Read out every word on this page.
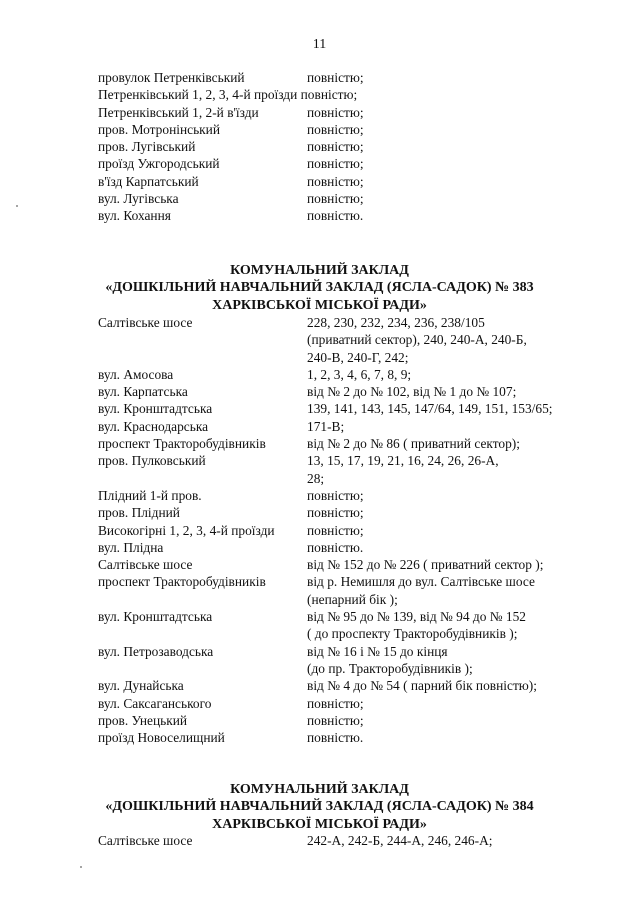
11
провулок Петренківський	повністю;
Петренківський 1, 2, 3, 4-й проїзди повністю;
Петренківський 1, 2-й в'їзди	повністю;
пров. Мотронінський	повністю;
пров. Лугівський	повністю;
проїзд Ужгородський	повністю;
в'їзд Карпатський	повністю;
вул. Лугівська	повністю;
вул. Кохання	повністю.
КОМУНАЛЬНИЙ ЗАКЛАД
«ДОШКІЛЬНИЙ НАВЧАЛЬНИЙ ЗАКЛАД (ЯСЛА-САДОК) № 383
ХАРКІВСЬКОЇ МІСЬКОЇ РАДИ»
Салтівське шосе	228, 230, 232, 234, 236, 238/105
(приватний сектор), 240, 240-А, 240-Б,
240-В, 240-Г, 242;
вул. Амосова	1, 2, 3, 4, 6, 7, 8, 9;
вул. Карпатська	від № 2 до № 102, від № 1 до № 107;
вул. Кронштадтська	139, 141, 143, 145, 147/64, 149, 151, 153/65;
вул. Краснодарська	171-В;
проспект Тракторобудівників	від № 2 до № 86 ( приватний сектор);
пров. Пулковський	13, 15, 17, 19, 21, 16, 24, 26, 26-А,
28;
Плідний 1-й пров.	повністю;
пров. Плідний	повністю;
Високогірні 1, 2, 3, 4-й проїзди повністю;
вул. Плідна	повністю.
Салтівське шосе	від № 152 до № 226 ( приватний сектор );
проспект Тракторобудівників	від р. Немишля до вул. Салтівське шосе
(непарний бік );
вул. Кронштадтська	від № 95 до № 139, від № 94 до № 152
( до проспекту Тракторобудівників );
вул. Петрозаводська	від № 16 і № 15 до кінця
(до пр. Тракторобудівників );
вул. Дунайська	від № 4 до № 54 ( парний бік повністю);
вул. Саксаганського	повністю;
пров. Унецький	повністю;
проїзд Новоселищний	повністю.
КОМУНАЛЬНИЙ ЗАКЛАД
«ДОШКІЛЬНИЙ НАВЧАЛЬНИЙ ЗАКЛАД (ЯСЛА-САДОК) № 384
ХАРКІВСЬКОЇ МІСЬКОЇ РАДИ»
Салтівське шосе	242-А, 242-Б, 244-А, 246, 246-А;
